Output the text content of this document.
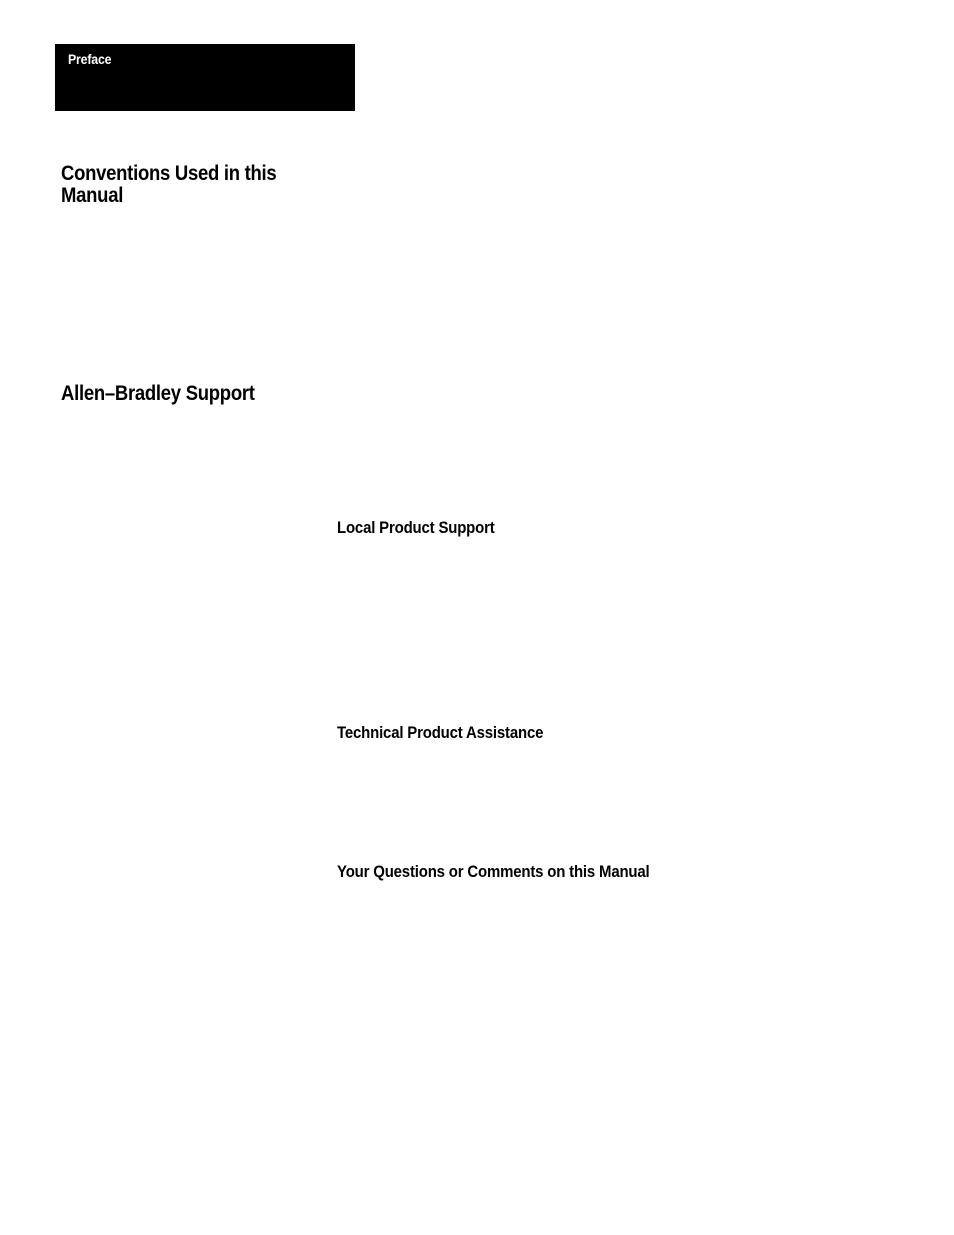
Preface
Conventions Used in this Manual
Allen–Bradley Support
Local Product Support
Technical Product Assistance
Your Questions or Comments on this Manual
